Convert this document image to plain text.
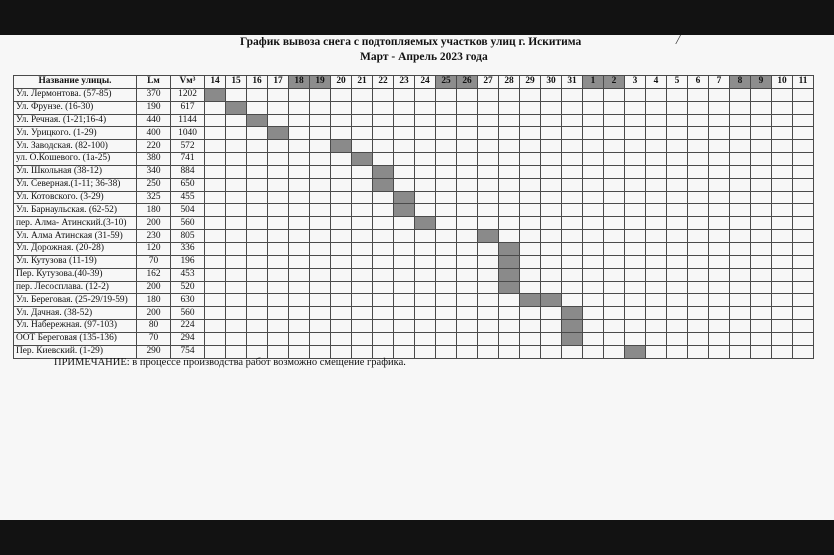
График вывоза снега с подтопляемых участков улиц г. Искитима
Март - Апрель 2023 года
/
Название улицы.	Lм	Vм³	14	15	16	17	18	19	20	21	22	23	24	25	26	27	28	29	30	31	1	2	3	4	5	6	7	8	9	10	11
Ул. Лермонтова. (57-85)	370	1202																													
Ул. Фрунзе. (16-30)	190	617																													
Ул. Речная. (1-21;16-4)	440	1144																													
Ул. Урицкого. (1-29)	400	1040																													
Ул. Заводская. (82-100)	220	572																													
ул. О.Кошевого. (1а-25)	380	741																													
Ул. Школьная (38-12)	340	884																													
Ул. Северная.(1-11; 36-38)	250	650																													
Ул. Котовского. (3-29)	325	455																													
Ул. Барнаульская. (62-52)	180	504																													
пер. Алма- Атинский.(3-10)	200	560																													
Ул. Алма Атинская (31-59)	230	805																													
Ул. Дорожная. (20-28)	120	336																													
Ул. Кутузова (11-19)	70	196																													
Пер. Кутузова.(40-39)	162	453																													
пер. Лесосплава. (12-2)	200	520																													
Ул. Береговая. (25-29/19-59)	180	630																													
Ул. Дачная. (38-52)	200	560																													
Ул. Набережная. (97-103)	80	224																													
ООТ Береговая (135-136)	70	294																													
Пер. Киевский. (1-29)	290	754																													
ПРИМЕЧАНИЕ: в процессе производства работ возможно смещение графика.
